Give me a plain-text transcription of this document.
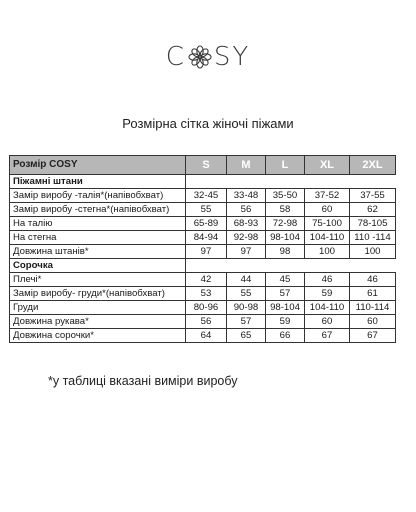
C SY
Розмірна сітка жіночі піжами
Розмір COSY	S	M	L	XL	2XL
Піжамні штани					
Замір виробу -талія*(напівобхват)	32-45	33-48	35-50	37-52	37-55
Замір виробу -стегна*(напівобхват)	55	56	58	60	62
На талію	65-89	68-93	72-98	75-100	78-105
На стегна	84-94	92-98	98-104	104-110	110 -114
Довжина штанів*	97	97	98	100	100
Сорочка					
Плечі*	42	44	45	46	46
Замір виробу- груди*(напівобхват)	53	55	57	59	61
Груди	80-96	90-98	98-104	104-110	110-114
Довжина рукава*	56	57	59	60	60
Довжина сорочки*	64	65	66	67	67
*у таблиці вказані виміри виробу
